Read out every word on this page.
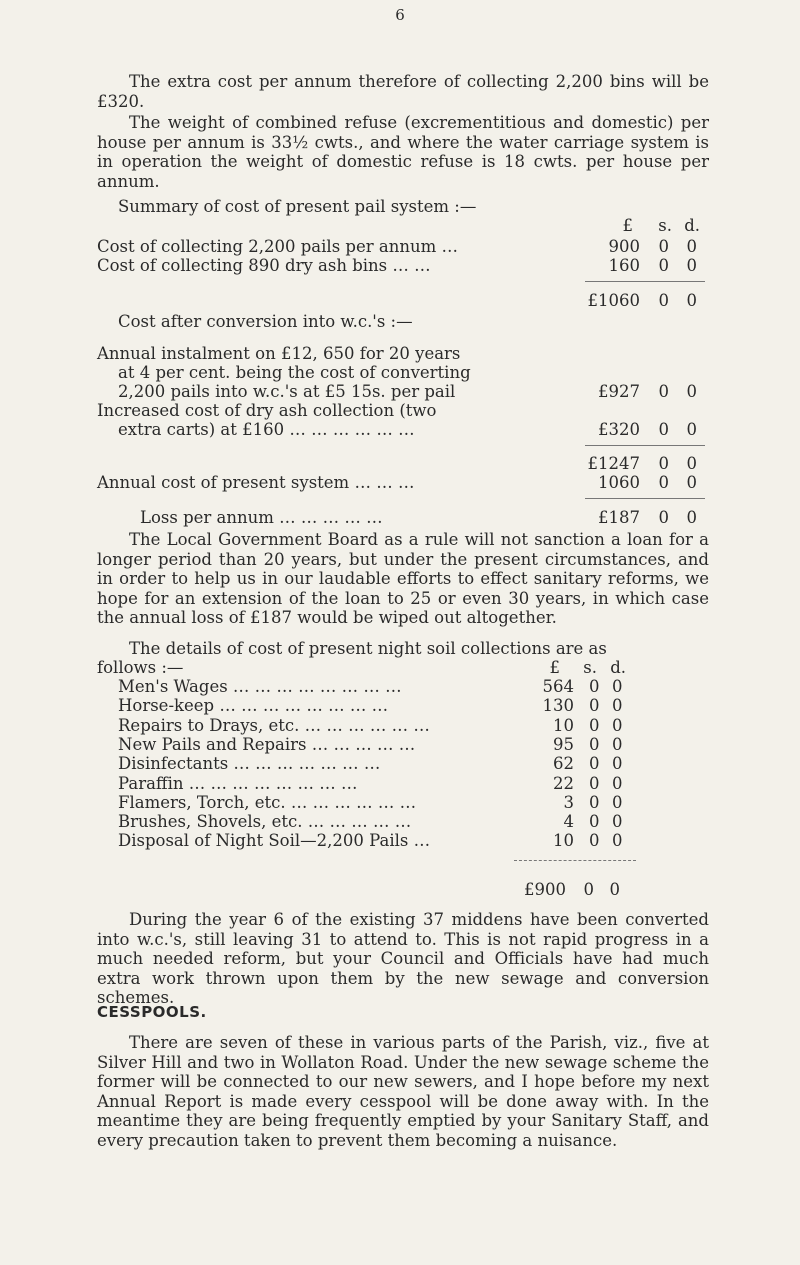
6

The extra cost per annum therefore of collecting 2,200 bins will be £320.

The weight of combined refuse (excrementitious and domestic) per house per annum is 33½ cwts., and where the water carriage system is in operation the weight of domestic refuse is 18 cwts. per house per annum.

Summary of cost of present pail system :—
£	s. d.
Cost of collecting 2,200 pails per annum …	900 0 0
Cost of collecting 890 dry ash bins … …	160 0 0
£1060 0 0
Cost after conversion into w.c.'s :—
Annual instalment on £12, 650 for 20 years
at 4 per cent. being the cost of converting
2,200 pails into w.c.'s at £5 15s. per pail	£927 0 0
Increased cost of dry ash collection (two
extra carts) at £160 … … … … … …	£320 0 0
£1247 0 0
Annual cost of present system … … …	1060 0 0
Loss per annum … … … … …	£187 0 0

The Local Government Board as a rule will not sanction a loan for a longer period than 20 years, but under the present circumstances, and in order to help us in our laudable efforts to effect sanitary reforms, we hope for an extension of the loan to 25 or even 30 years, in which case the annual loss of £187 would be wiped out altogether.

The details of cost of present night soil collections are as
follows :—	£	s. d.
Men's Wages … … … … … … … …	564 0 0
Horse-keep … … … … … … … …	130 0 0
Repairs to Drays, etc. … … … … … …	10 0 0
New Pails and Repairs … … … … …	95 0 0
Disinfectants … … … … … … …	62 0 0
Paraffin … … … … … … … …	22 0 0
Flamers, Torch, etc. … … … … … …	3 0 0
Brushes, Shovels, etc. … … … … …	4 0 0
Disposal of Night Soil—2,200 Pails …	10 0 0
£900 0 0

During the year 6 of the existing 37 middens have been converted into w.c.'s, still leaving 31 to attend to. This is not rapid progress in a much needed reform, but your Council and Officials have had much extra work thrown upon them by the new sewage and conversion schemes.

CESSPOOLS.

There are seven of these in various parts of the Parish, viz., five at Silver Hill and two in Wollaton Road. Under the new sewage scheme the former will be connected to our new sewers, and I hope before my next Annual Report is made every cesspool will be done away with. In the meantime they are being frequently emptied by your Sanitary Staff, and every precaution taken to prevent them becoming a nuisance.
